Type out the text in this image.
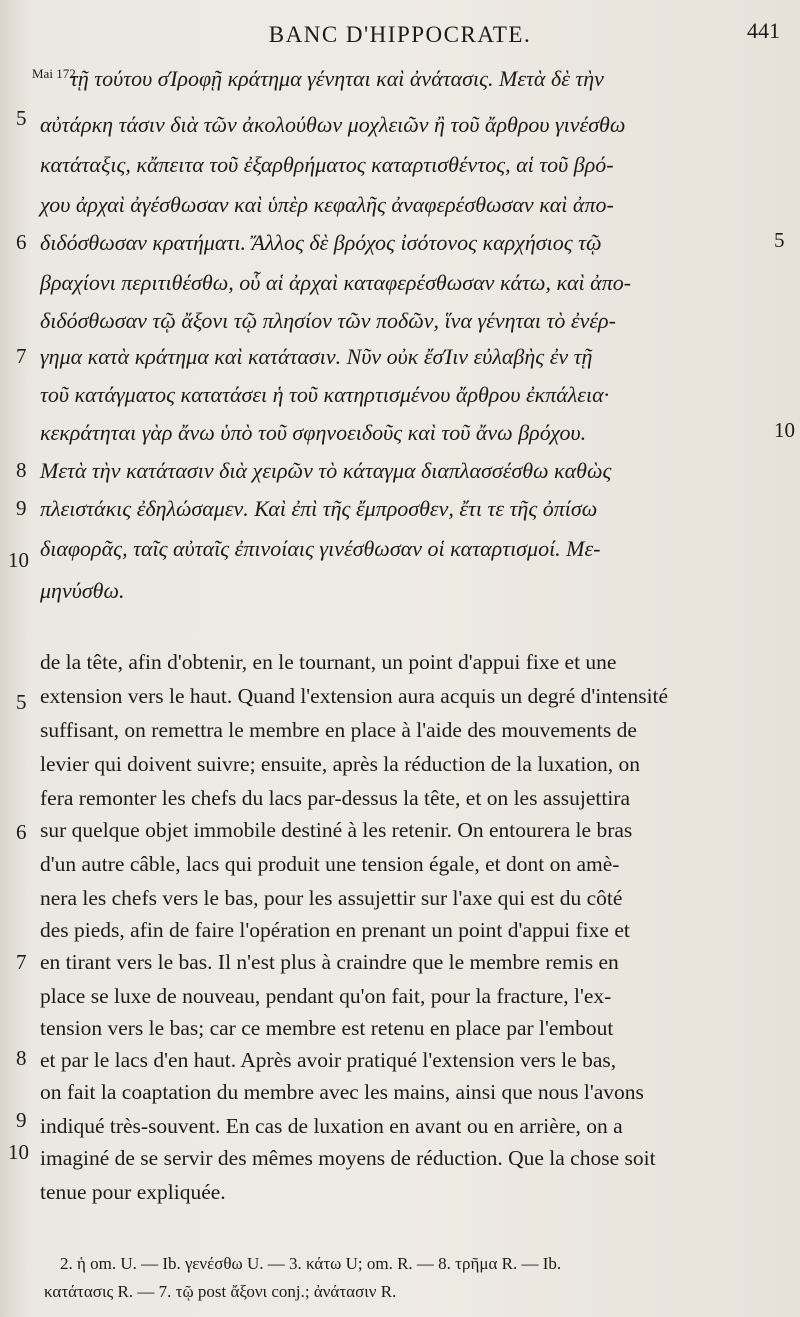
BANC D'HIPPOCRATE.	441
Mai 172.
τῇ τούτου σΊροφῇ κράτημα γένηται καὶ ἀνάτασις. Μετὰ δὲ τὴν
αὐτάρκη τάσιν διὰ τῶν ἀκολούθων μοχλειῶν ἢ τοῦ ἄρθρου γινέσθω
κατάταξις, κἄπειτα τοῦ ἐξαρθρήματος καταρτισθέντος, αἱ τοῦ βρό-
χου ἀρχαὶ ἀγέσθωσαν καὶ ὑπὲρ κεφαλῆς ἀναφερέσθωσαν καὶ ἀπο-
διδόσθωσαν κρατήματι. Ἄλλος δὲ βρόχος ἰσότονος καρχήσιος τῷ
βραχίονι περιτιθέσθω, οὗ αἱ ἀρχαὶ καταφερέσθωσαν κάτω, καὶ ἀπο-
διδόσθωσαν τῷ ἄξονι τῷ πλησίον τῶν ποδῶν, ἵνα γένηται τὸ ἐνέρ-
γημα κατὰ κράτημα καὶ κατάτασιν. Νῦν οὐκ ἔσΊιν εὐλαβὴς ἐν τῇ
τοῦ κατάγματος κατατάσει ἡ τοῦ κατηρτισμένου ἄρθρου ἐκπάλεια·
κεκράτηται γὰρ ἄνω ὑπὸ τοῦ σφηνοειδοῦς καὶ τοῦ ἄνω βρόχου.
Μετὰ τὴν κατάτασιν διὰ χειρῶν τὸ κάταγμα διαπλασσέσθω καθὼς
πλειστάκις ἐδηλώσαμεν. Καὶ ἐπὶ τῆς ἔμπροσθεν, ἔτι τε τῆς ὀπίσω
διαφορᾶς, ταῖς αὐταῖς ἐπινοίαις γινέσθωσαν οἱ καταρτισμοί. Με-
μηνύσθω.
5
6
7
8
9
10
5
10
de la tête, afin d'obtenir, en le tournant, un point d'appui fixe et une
extension vers le haut. Quand l'extension aura acquis un degré d'intensité
suffisant, on remettra le membre en place à l'aide des mouvements de
levier qui doivent suivre; ensuite, après la réduction de la luxation, on
fera remonter les chefs du lacs par-dessus la tête, et on les assujettira
sur quelque objet immobile destiné à les retenir. On entourera le bras
d'un autre câble, lacs qui produit une tension égale, et dont on amè-
nera les chefs vers le bas, pour les assujettir sur l'axe qui est du côté
des pieds, afin de faire l'opération en prenant un point d'appui fixe et
en tirant vers le bas. Il n'est plus à craindre que le membre remis en
place se luxe de nouveau, pendant qu'on fait, pour la fracture, l'ex-
tension vers le bas; car ce membre est retenu en place par l'embout
et par le lacs d'en haut. Après avoir pratiqué l'extension vers le bas,
on fait la coaptation du membre avec les mains, ainsi que nous l'avons
indiqué très-souvent. En cas de luxation en avant ou en arrière, on a
imaginé de se servir des mêmes moyens de réduction. Que la chose soit
tenue pour expliquée.
5
6
7
8
9
10
2. ἡ om. U. — Ib. γενέσθω U. — 3. κάτω U; om. R. — 8. τρῆμα R. — Ib.
κατάτασις R. — 7. τῷ post ἄξονι conj.; ἀνάτασιν R.
